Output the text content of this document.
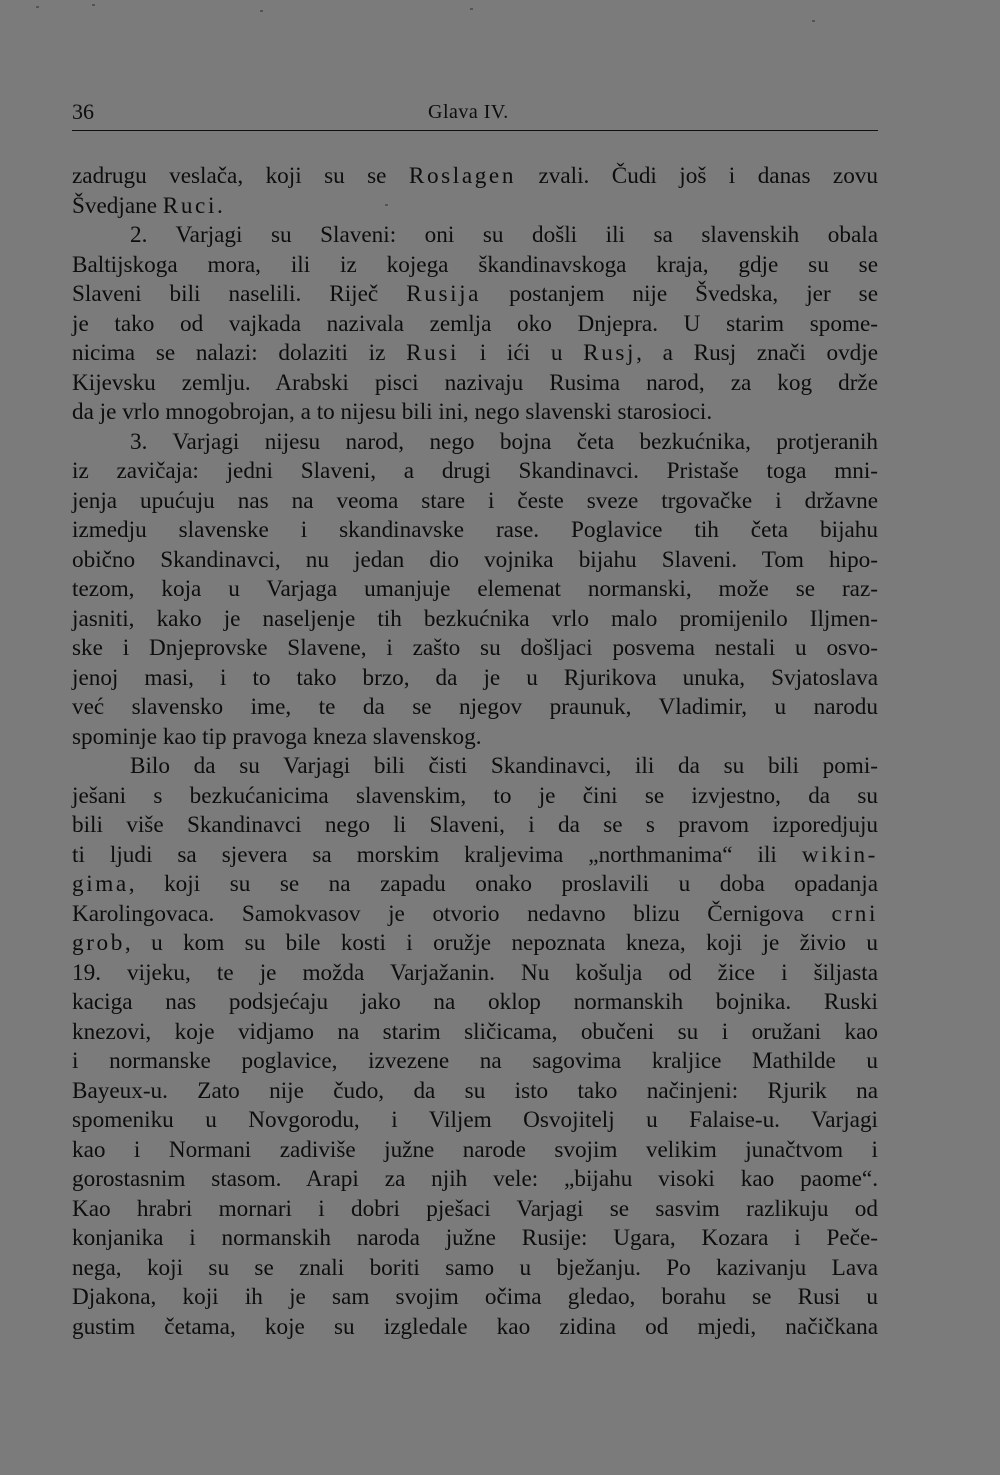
36	Glava IV.
zadrugu veslača, koji su se Roslagen zvali. Čudi još i danas zovu
Švedjane Ruci.
2. Varjagi su Slaveni: oni su došli ili sa slavenskih obala
Baltijskoga mora, ili iz kojega škandinavskoga kraja, gdje su se
Slaveni bili naselili. Riječ Rusija postanjem nije Švedska, jer se
je tako od vajkada nazivala zemlja oko Dnjepra. U starim spome-
nicima se nalazi: dolaziti iz Rusi i ići u Rusj, a Rusj znači ovdje
Kijevsku zemlju. Arabski pisci nazivaju Rusima narod, za kog drže
da je vrlo mnogobrojan, a to nijesu bili ini, nego slavenski starosioci.
3. Varjagi nijesu narod, nego bojna četa bezkućnika, protjeranih
iz zavičaja: jedni Slaveni, a drugi Skandinavci. Pristaše toga mni-
jenja upućuju nas na veoma stare i česte sveze trgovačke i državne
izmedju slavenske i skandinavske rase. Poglavice tih četa bijahu
obično Skandinavci, nu jedan dio vojnika bijahu Slaveni. Tom hipo-
tezom, koja u Varjaga umanjuje elemenat normanski, može se raz-
jasniti, kako je naseljenje tih bezkućnika vrlo malo promijenilo Iljmen-
ske i Dnjeprovske Slavene, i zašto su došljaci posvema nestali u osvo-
jenoj masi, i to tako brzo, da je u Rjurikova unuka, Svjatoslava
već slavensko ime, te da se njegov praunuk, Vladimir, u narodu
spominje kao tip pravoga kneza slavenskog.
Bilo da su Varjagi bili čisti Skandinavci, ili da su bili pomi-
ješani s bezkućanicima slavenskim, to je čini se izvjestno, da su
bili više Skandinavci nego li Slaveni, i da se s pravom izporedjuju
ti ljudi sa sjevera sa morskim kraljevima „northmanima“ ili wikin-
gima, koji su se na zapadu onako proslavili u doba opadanja
Karolingovaca. Samokvasov je otvorio nedavno blizu Černigova crni
grob, u kom su bile kosti i oružje nepoznata kneza, koji je živio u
19. vijeku, te je možda Varjažanin. Nu košulja od žice i šiljasta
kaciga nas podsjećaju jako na oklop normanskih bojnika. Ruski
knezovi, koje vidjamo na starim sličicama, obučeni su i oružani kao
i normanske poglavice, izvezene na sagovima kraljice Mathilde u
Bayeux-u. Zato nije čudo, da su isto tako načinjeni: Rjurik na
spomeniku u Novgorodu, i Viljem Osvojitelj u Falaise-u. Varjagi
kao i Normani zadiviše južne narode svojim velikim junačtvom i
gorostasnim stasom. Arapi za njih vele: „bijahu visoki kao paome“.
Kao hrabri mornari i dobri pješaci Varjagi se sasvim razlikuju od
konjanika i normanskih naroda južne Rusije: Ugara, Kozara i Peče-
nega, koji su se znali boriti samo u bježanju. Po kazivanju Lava
Djakona, koji ih je sam svojim očima gledao, borahu se Rusi u
gustim četama, koje su izgledale kao zidina od mjedi, načičkana
